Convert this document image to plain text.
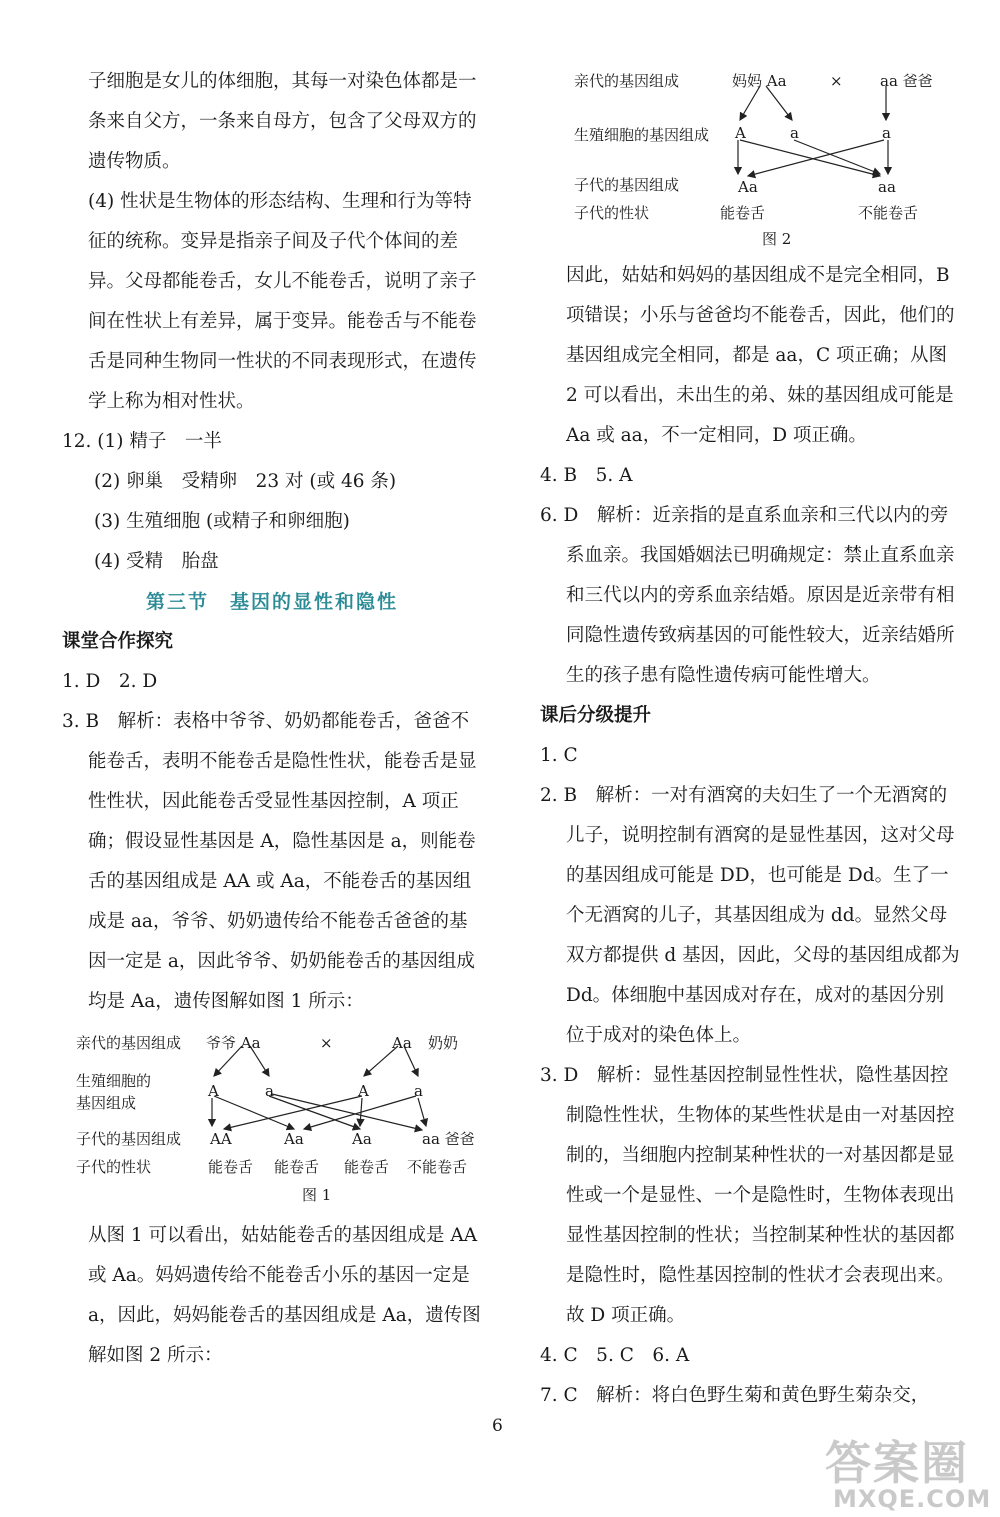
子细胞是女儿的体细胞，其每一对染色体都是一条来自父方，一条来自母方，包含了父母双方的遗传物质。

(4) 性状是生物体的形态结构、生理和行为等特征的统称。变异是指亲子间及子代个体间的差异。父母都能卷舌，女儿不能卷舌，说明了亲子间在性状上有差异，属于变异。能卷舌与不能卷舌是同种生物同一性状的不同表现形式，在遗传学上称为相对性状。

12. (1) 精子　一半

(2) 卵巢　受精卵　23 对 (或 46 条)

(3) 生殖细胞 (或精子和卵细胞)

(4) 受精　胎盘

第三节　基因的显性和隐性

课堂合作探究

1. D　2. D

3. B　解析：表格中爷爷、奶奶都能卷舌，爸爸不能卷舌，表明不能卷舌是隐性性状，能卷舌是显性性状，因此能卷舌受显性基因控制，A 项正确；假设显性基因是 A，隐性基因是 a，则能卷舌的基因组成是 AA 或 Aa，不能卷舌的基因组成是 aa，爷爷、奶奶遗传给不能卷舌爸爸的基因一定是 a，因此爷爷、奶奶能卷舌的基因组成均是 Aa，遗传图解如图 1 所示：

亲代的基因组成 爷爷 Aa	×	Aa 奶奶
生殖细胞的
基因组成
A	a	A	a
子代的基因组成 AA	Aa	Aa	aa 爸爸
子代的性状	能卷舌 能卷舌 能卷舌 不能卷舌
图 1

从图 1 可以看出，姑姑能卷舌的基因组成是 AA 或 Aa。妈妈遗传给不能卷舌小乐的基因一定是 a，因此，妈妈能卷舌的基因组成是 Aa，遗传图解如图 2 所示：

亲代的基因组成	妈妈 Aa	× aa 爸爸
生殖细胞的基因组成 A	a	a
子代的基因组成	Aa	aa
子代的性状	能卷舌	不能卷舌
图 2

因此，姑姑和妈妈的基因组成不是完全相同，B 项错误；小乐与爸爸均不能卷舌，因此，他们的基因组成完全相同，都是 aa，C 项正确；从图 2 可以看出，未出生的弟、妹的基因组成可能是 Aa 或 aa，不一定相同，D 项正确。

4. B　5. A

6. D　解析：近亲指的是直系血亲和三代以内的旁系血亲。我国婚姻法已明确规定：禁止直系血亲和三代以内的旁系血亲结婚。原因是近亲带有相同隐性遗传致病基因的可能性较大，近亲结婚所生的孩子患有隐性遗传病可能性增大。

课后分级提升

1. C

2. B　解析：一对有酒窝的夫妇生了一个无酒窝的儿子，说明控制有酒窝的是显性基因，这对父母的基因组成可能是 DD，也可能是 Dd。生了一个无酒窝的儿子，其基因组成为 dd。显然父母双方都提供 d 基因，因此，父母的基因组成都为 Dd。体细胞中基因成对存在，成对的基因分别位于成对的染色体上。

3. D　解析：显性基因控制显性性状，隐性基因控制隐性性状，生物体的某些性状是由一对基因控制的，当细胞内控制某种性状的一对基因都是显性或一个是显性、一个是隐性时，生物体表现出显性基因控制的性状；当控制某种性状的基因都是隐性时，隐性基因控制的性状才会表现出来。故 D 项正确。

4. C　5. C　6. A

7. C　解析：将白色野生菊和黄色野生菊杂交，

6
答案圈
MXQE.COM
